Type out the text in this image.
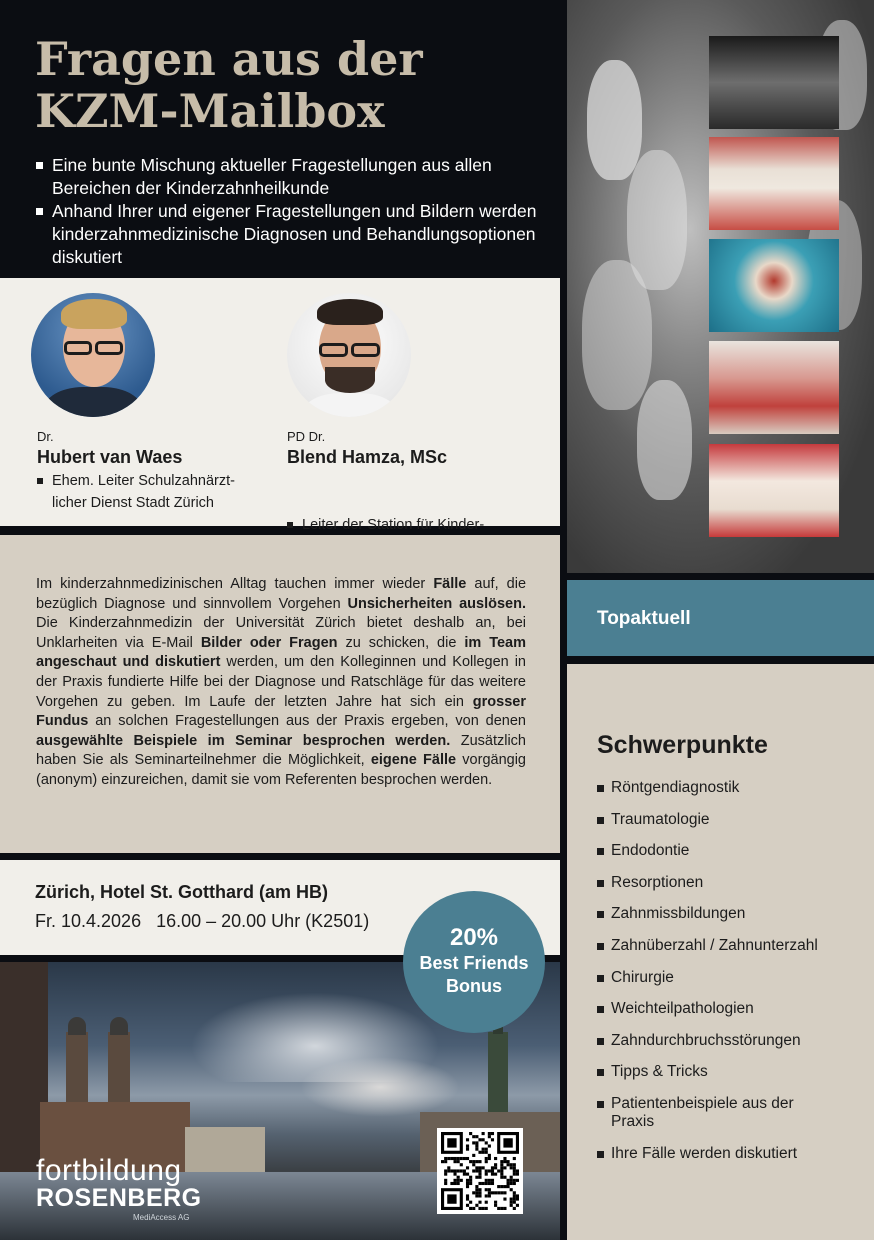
Fragen aus der
KZM-Mailbox
Eine bunte Mischung aktueller Fragestellungen aus allen Bereichen der Kinderzahnheilkunde
Anhand Ihrer und eigener Fragestellungen und Bildern werden kinderzahnmedizinische Diagnosen und Behandlungsoptionen diskutiert
Dr.
Hubert van Waes
Ehem. Leiter Schulzahnärzt-
licher Dienst Stadt Zürich
PD Dr.
Blend Hamza, MSc
Leiter der Station für Kinder-

Im kinderzahnmedizinischen Alltag tauchen immer wieder Fälle auf, die bezüglich Diagnose und sinnvollem Vorgehen Unsicherheiten auslösen. Die Kinderzahnmedizin der Universität Zürich bietet deshalb an, bei Unklarheiten via E-Mail Bilder oder Fragen zu schicken, die im Team angeschaut und diskutiert werden, um den Kolleginnen und Kollegen in der Praxis fundierte Hilfe bei der Diagnose und Ratschläge für das weitere Vorgehen zu geben. Im Laufe der letzten Jahre hat sich ein grosser Fundus an solchen Fragestellungen aus der Praxis ergeben, von denen ausgewählte Beispiele im Seminar besprochen werden. Zusätzlich haben Sie als Seminarteilnehmer die Möglichkeit, eigene Fälle vorgängig (anonym) einzureichen, damit sie vom Referenten besprochen werden.

Zürich, Hotel St. Gotthard (am HB)
Fr. 10.4.2026   16.00 – 20.00 Uhr (K2501)
fortbildung
ROSENBERG
MediAccess AG
20%
Best Friends
Bonus
Topaktuell
Schwerpunkte
Röntgendiagnostik
Traumatologie
Endodontie
Resorptionen
Zahnmissbildungen
Zahnüberzahl / Zahnunterzahl
Chirurgie
Weichteilpathologien
Zahndurchbruchsstörungen
Tipps & Tricks
Patientenbeispiele aus der Praxis
Ihre Fälle werden diskutiert
